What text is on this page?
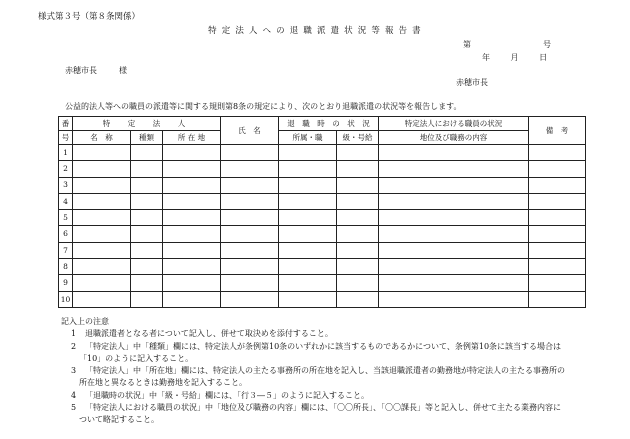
様式第３号（第８条関係）
特 定 法 人 へ の 退 職 派 遣 状 況 等 報 告 書
第	号
年 月 日
赤穂市長	様
赤穂市長
公益的法人等への職員の派遣等に関する規則第8条の規定により、次のとおり退職派遣の状況等を報告します。
番	特　定　法　人			氏　名	退　職　時　の　状　況		特定法人における職員の状況	備　考
号	名　称	種類	所 在 地		所属・職	級・号給	地位及び職務の内容	
1								
2								
3								
4								
5								
6								
7								
8								
9								
10								
記入上の注意
1 退職派遣者となる者について記入し、併せて取決めを添付すること。
2 「特定法人」中「種類」欄には、特定法人が条例第10条のいずれかに該当するものであるかについて、条例第10条に該当する場合は
「10」のように記入すること。
3 「特定法人」中「所在地」欄には、特定法人の主たる事務所の所在地を記入し、当該退職派遣者の勤務地が特定法人の主たる事務所の
所在地と異なるときは勤務地を記入すること。
4 「退職時の状況」中「級・号給」欄には、「行３―５」のように記入すること。
5 「特定法人における職員の状況」中「地位及び職務の内容」欄には、「〇〇所長」、「〇〇課長」等と記入し、併せて主たる業務内容に
ついて略記すること。
